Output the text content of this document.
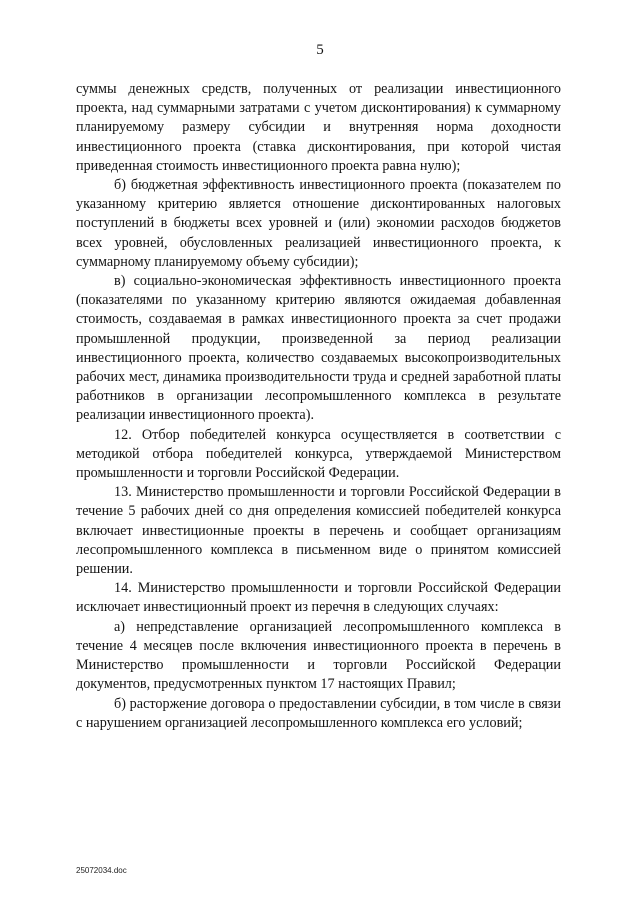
5

суммы денежных средств, полученных от реализации инвестиционного проекта, над суммарными затратами с учетом дисконтирования) к суммарному планируемому размеру субсидии и внутренняя норма доходности инвестиционного проекта (ставка дисконтирования, при которой чистая приведенная стоимость инвестиционного проекта равна нулю);

б) бюджетная эффективность инвестиционного проекта (показателем по указанному критерию является отношение дисконтированных налоговых поступлений в бюджеты всех уровней и (или) экономии расходов бюджетов всех уровней, обусловленных реализацией инвестиционного проекта, к суммарному планируемому объему субсидии);

в) социально-экономическая эффективность инвестиционного проекта (показателями по указанному критерию являются ожидаемая добавленная стоимость, создаваемая в рамках инвестиционного проекта за счет продажи промышленной продукции, произведенной за период реализации инвестиционного проекта, количество создаваемых высокопроизводительных рабочих мест, динамика производительности труда и средней заработной платы работников в организации лесопромышленного комплекса в результате реализации инвестиционного проекта).

12. Отбор победителей конкурса осуществляется в соответствии с методикой отбора победителей конкурса, утверждаемой Министерством промышленности и торговли Российской Федерации.

13. Министерство промышленности и торговли Российской Федерации в течение 5 рабочих дней со дня определения комиссией победителей конкурса включает инвестиционные проекты в перечень и сообщает организациям лесопромышленного комплекса в письменном виде о принятом комиссией решении.

14. Министерство промышленности и торговли Российской Федерации исключает инвестиционный проект из перечня в следующих случаях:

а) непредставление организацией лесопромышленного комплекса в течение 4 месяцев после включения инвестиционного проекта в перечень в Министерство промышленности и торговли Российской Федерации документов, предусмотренных пунктом 17 настоящих Правил;

б) расторжение договора о предоставлении субсидии, в том числе в связи с нарушением организацией лесопромышленного комплекса его условий;

25072034.doc
